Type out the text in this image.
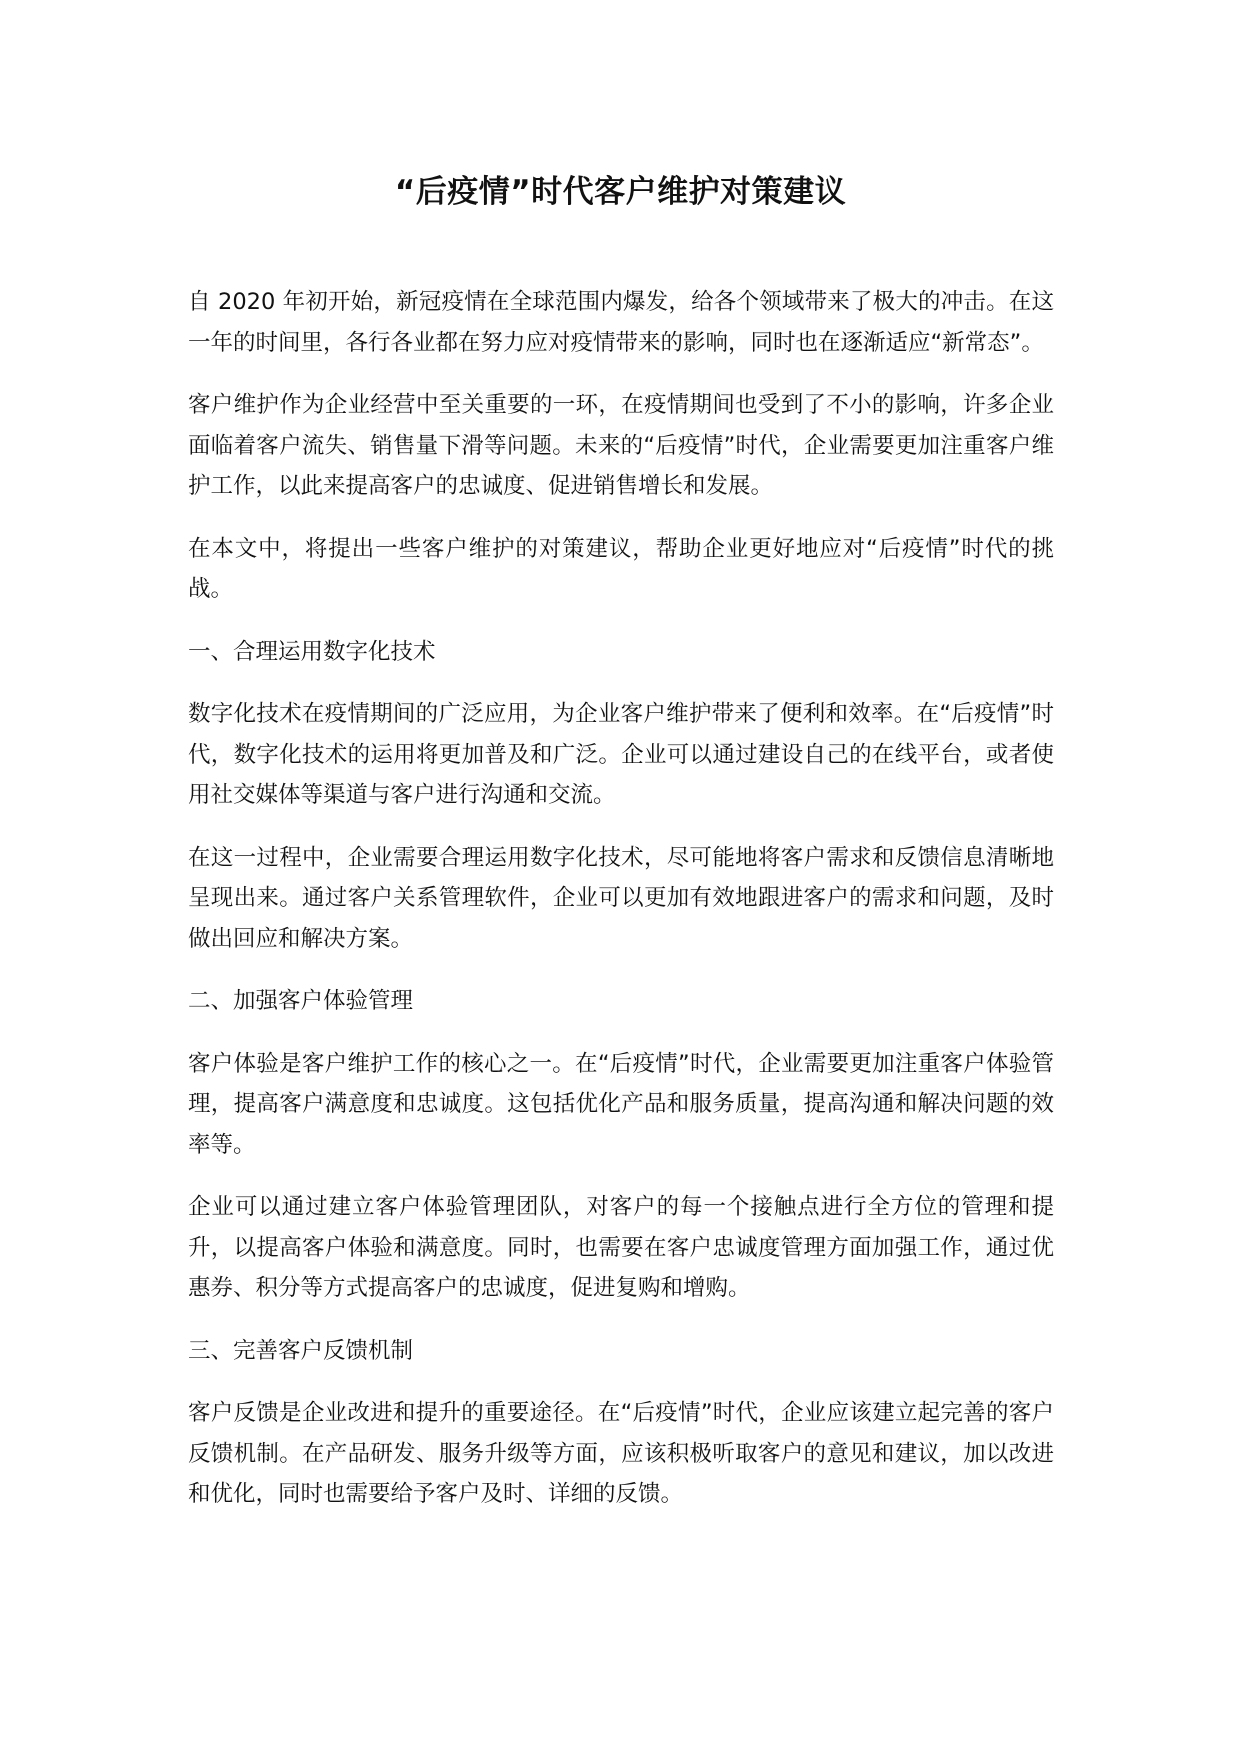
“后疫情”时代客户维护对策建议

自 2020 年初开始，新冠疫情在全球范围内爆发，给各个领域带来了极大的冲击。在这一年的时间里，各行各业都在努力应对疫情带来的影响，同时也在逐渐适应“新常态”。

客户维护作为企业经营中至关重要的一环，在疫情期间也受到了不小的影响，许多企业面临着客户流失、销售量下滑等问题。未来的“后疫情”时代，企业需要更加注重客户维护工作，以此来提高客户的忠诚度、促进销售增长和发展。

在本文中，将提出一些客户维护的对策建议，帮助企业更好地应对“后疫情”时代的挑战。

一、合理运用数字化技术

数字化技术在疫情期间的广泛应用，为企业客户维护带来了便利和效率。在“后疫情”时代，数字化技术的运用将更加普及和广泛。企业可以通过建设自己的在线平台，或者使用社交媒体等渠道与客户进行沟通和交流。

在这一过程中，企业需要合理运用数字化技术，尽可能地将客户需求和反馈信息清晰地呈现出来。通过客户关系管理软件，企业可以更加有效地跟进客户的需求和问题，及时做出回应和解决方案。

二、加强客户体验管理

客户体验是客户维护工作的核心之一。在“后疫情”时代，企业需要更加注重客户体验管理，提高客户满意度和忠诚度。这包括优化产品和服务质量，提高沟通和解决问题的效率等。

企业可以通过建立客户体验管理团队，对客户的每一个接触点进行全方位的管理和提升，以提高客户体验和满意度。同时，也需要在客户忠诚度管理方面加强工作，通过优惠券、积分等方式提高客户的忠诚度，促进复购和增购。

三、完善客户反馈机制

客户反馈是企业改进和提升的重要途径。在“后疫情”时代，企业应该建立起完善的客户反馈机制。在产品研发、服务升级等方面，应该积极听取客户的意见和建议，加以改进和优化，同时也需要给予客户及时、详细的反馈。
